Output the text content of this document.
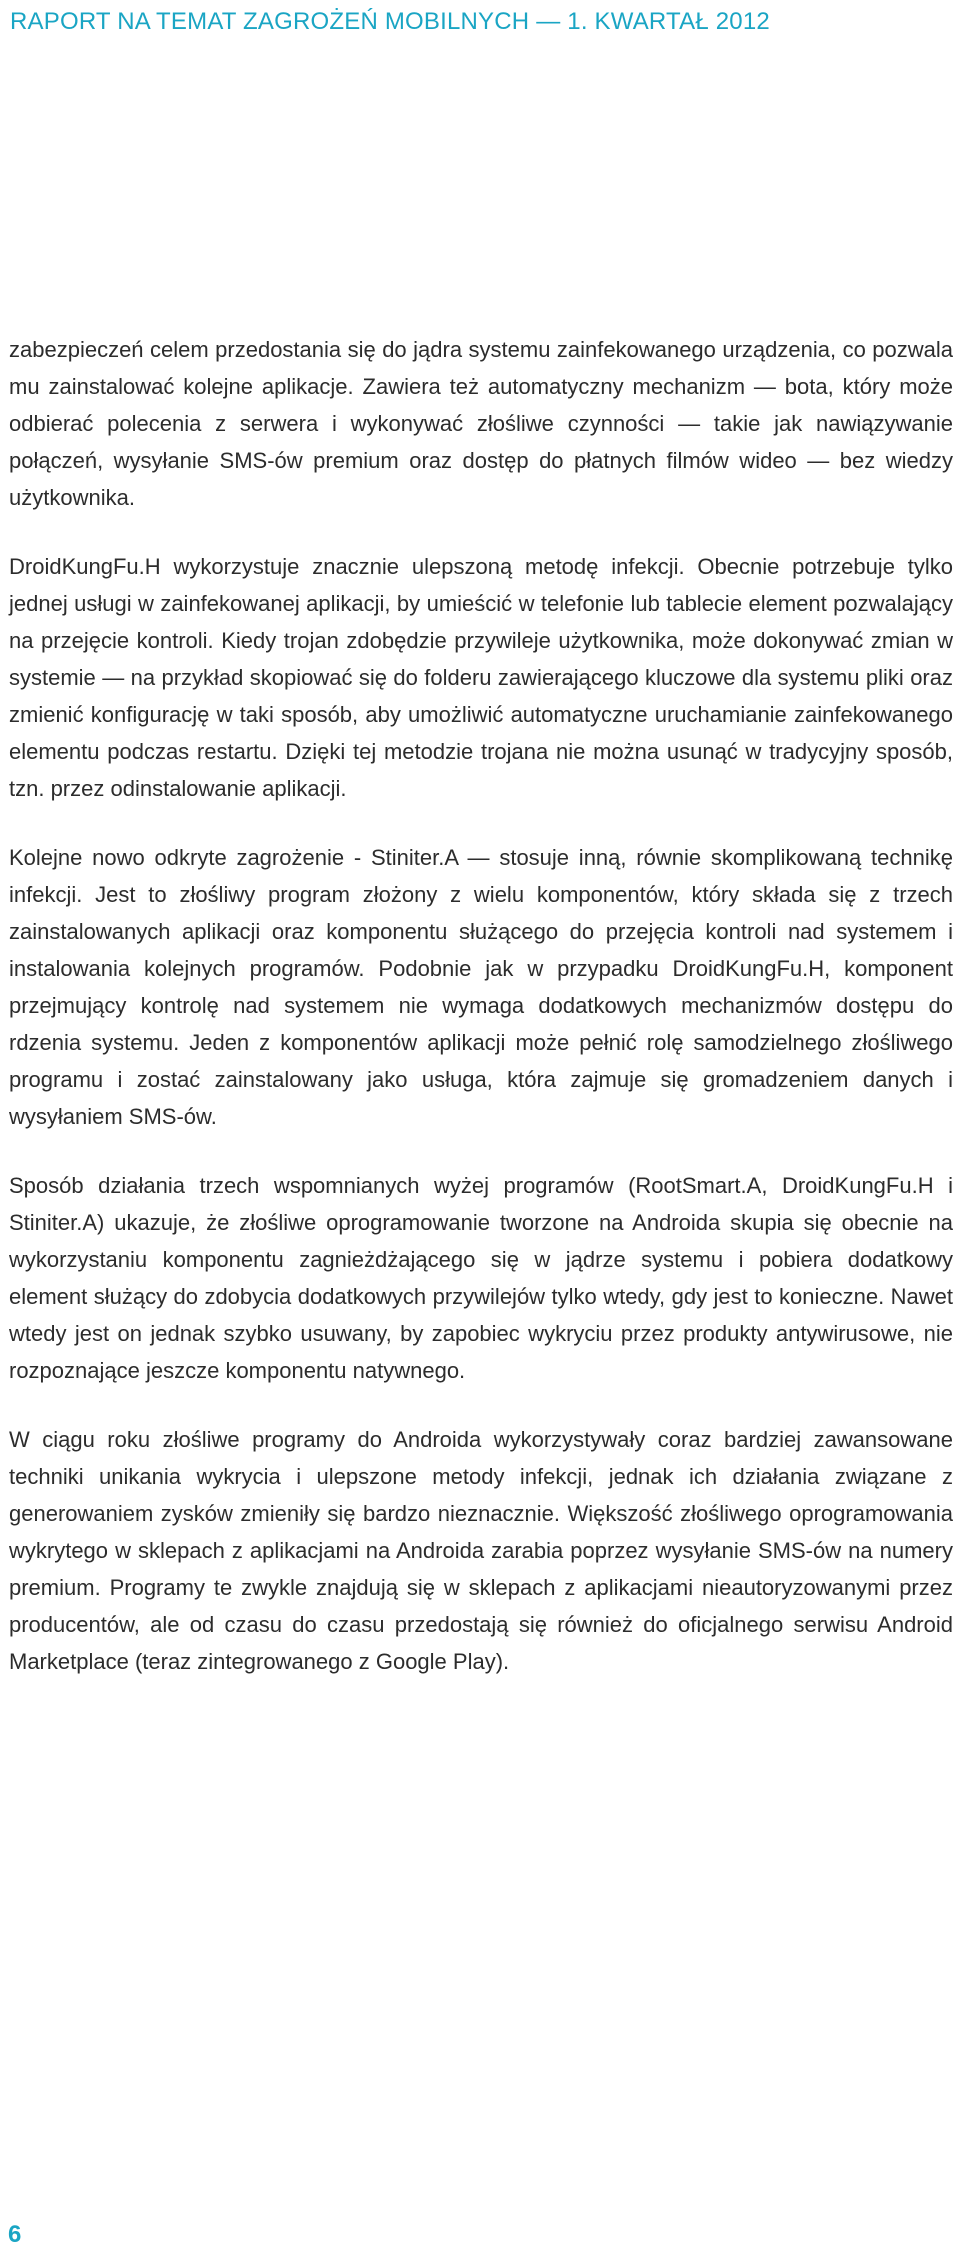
RAPORT NA TEMAT ZAGROŻEŃ MOBILNYCH — 1. KWARTAŁ 2012

zabezpieczeń celem przedostania się do jądra systemu zainfekowanego urządzenia, co pozwala mu zainstalować kolejne aplikacje. Zawiera też automatyczny mechanizm — bota, który może odbierać polecenia z serwera i wykonywać złośliwe czynności — takie jak nawiązywanie połączeń, wysyłanie SMS-ów premium oraz dostęp do płatnych filmów wideo — bez wiedzy użytkownika.

DroidKungFu.H wykorzystuje znacznie ulepszoną metodę infekcji. Obecnie potrzebuje tylko jednej usługi w zainfekowanej aplikacji, by umieścić w telefonie lub tablecie element pozwalający na przejęcie kontroli. Kiedy trojan zdobędzie przywileje użytkownika, może dokonywać zmian w systemie — na przykład skopiować się do folderu zawierającego kluczowe dla systemu pliki oraz zmienić konfigurację w taki sposób, aby umożliwić automatyczne uruchamianie zainfekowanego elementu podczas restartu. Dzięki tej metodzie trojana nie można usunąć w tradycyjny sposób, tzn. przez odinstalowanie aplikacji.

Kolejne nowo odkryte zagrożenie - Stiniter.A — stosuje inną, równie skomplikowaną technikę infekcji. Jest to złośliwy program złożony z wielu komponentów, który składa się z trzech zainstalowanych aplikacji oraz komponentu służącego do przejęcia kontroli nad systemem i instalowania kolejnych programów. Podobnie jak w przypadku DroidKungFu.H, komponent przejmujący kontrolę nad systemem nie wymaga dodatkowych mechanizmów dostępu do rdzenia systemu. Jeden z komponentów aplikacji może pełnić rolę samodzielnego złośliwego programu i zostać zainstalowany jako usługa, która zajmuje się gromadzeniem danych i wysyłaniem SMS-ów.

Sposób działania trzech wspomnianych wyżej programów (RootSmart.A, DroidKungFu.H i Stiniter.A) ukazuje, że złośliwe oprogramowanie tworzone na Androida skupia się obecnie na wykorzystaniu komponentu zagnieżdżającego się w jądrze systemu i pobiera dodatkowy element służący do zdobycia dodatkowych przywilejów tylko wtedy, gdy jest to konieczne. Nawet wtedy jest on jednak szybko usuwany, by zapobiec wykryciu przez produkty antywirusowe, nie rozpoznające jeszcze komponentu natywnego.

W ciągu roku złośliwe programy do Androida wykorzystywały coraz bardziej zawansowane techniki unikania wykrycia i ulepszone metody infekcji, jednak ich działania związane z generowaniem zysków zmieniły się bardzo nieznacznie. Większość złośliwego oprogramowania wykrytego w sklepach z aplikacjami na Androida zarabia poprzez wysyłanie SMS-ów na numery premium. Programy te zwykle znajdują się w sklepach z aplikacjami nieautoryzowanymi przez producentów, ale od czasu do czasu przedostają się również do oficjalnego serwisu Android Marketplace (teraz zintegrowanego z Google Play).

6
